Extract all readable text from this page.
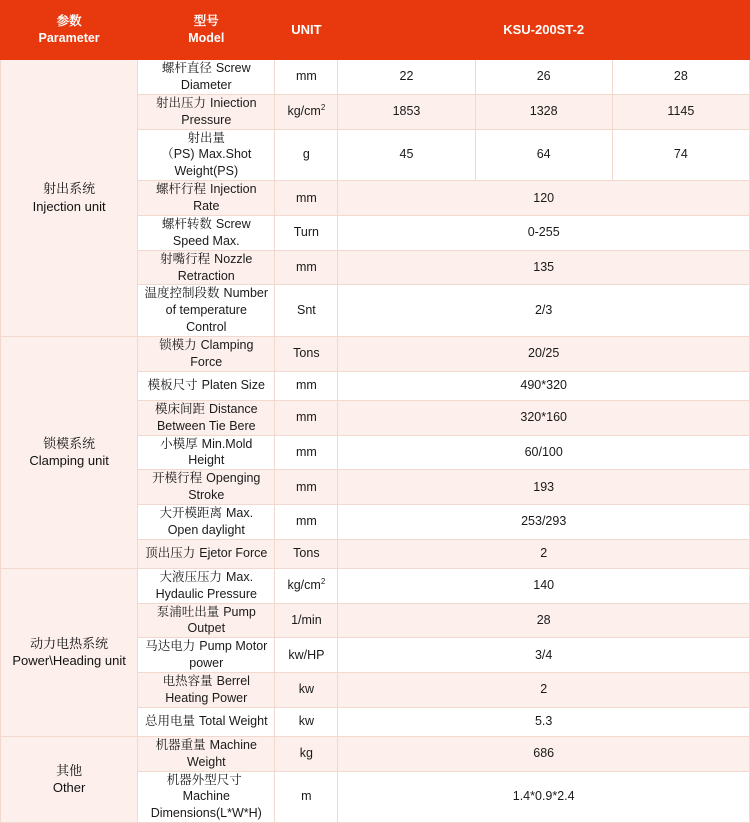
参数
Parameter	型号
Model	UNIT	KSU-200ST-2		

射出系统
Injection unit	螺杆直径 Screw Diameter	mm	22	26	28
	射出压力 Iniection Pressure	$kg/cm^2$	1853	1328	1145
	射出量（PS) Max.Shot Weight(PS)	g	45	64	74
	螺杆行程 Injection Rate	mm	120		
	螺杆转数 Screw Speed Max.	Turn	0-255		
	射嘴行程 Nozzle Retraction	mm	135		
	温度控制段数 Number of temperature Control	Snt	2/3		

锁模系统
Clamping unit	锁模力 Clamping Force	Tons	20/25		
	模板尺寸 Platen Size	mm	490*320		
	模床间距 Distance Between Tie Bere	mm	320*160		
	小模厚 Min.Mold Height	mm	60/100		
	开模行程 Openging Stroke	mm	193		
	大开模距离 Max. Open daylight	mm	253/293		
	顶出压力 Ejetor Force	Tons	2		

动力电热系统
Power\Heading unit	大液压压力 Max. Hydaulic Pressure	$kg/cm^2$	140		
	泵浦吐出量 Pump Outpet	1/min	28		
	马达电力 Pump Motor power	kw/HP	3/4		
	电热容量 Berrel Heating Power	kw	2		
	总用电量 Total Weight	kw	5.3		

其他
Other	机器重量 Machine Weight	kg	686		
	机器外型尺寸Machine Dimensions(L*W*H)	m	1.4*0.9*2.4		
